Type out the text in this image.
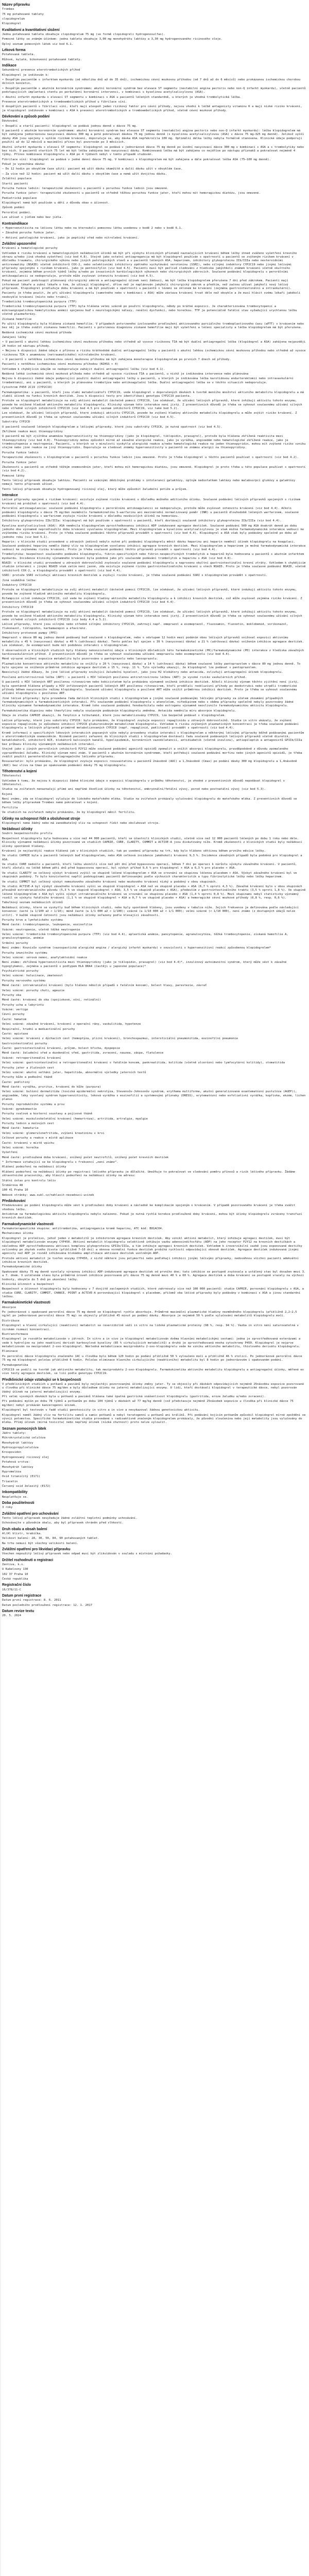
Název přípravku
Trombex
75 mg potahované tablety
clopidogrelum
Klopidogrel
Kvalitativní a kvantitativní složení
Jedna potahovaná tableta obsahuje clopidogrelum 75 mg (ve formě clopidogreli hydrogenosulfas).
Pomocné látky se známým účinkem: jedna tableta obsahuje 3,00 mg monohydrátu laktózy a 3,30 mg hydrogenovaného ricinového oleje.
Úplný seznam pomocných látek viz bod 6.1.
Léková forma
Potahovaná tableta.
Růžové, kulaté, bikonvexní potahované tablety.
Indikace
Sekundární prevence aterotrombotických příhod
Klopidogrel je indikován k:
• Dospělým pacientům s infarktem myokardu (od několika dnů až do 35 dnů), ischemickou cévní mozkovou příhodou (od 7 dnů až do 6 měsíců) nebo prokázanou ischemickou chorobou dolních končetin.
• Dospělým pacientům s akutním koronárním syndromem: akutní koronární syndrom bez elevace ST segmentu (nestabilní angina pectoris nebo non-Q infarkt myokardu), včetně pacientů podstupujících implantaci stentu po perkutánní koronární intervenci, v kombinaci s kyselinou acetylsalicylovou (ASA).
• Akutní infarkt myokardu s elevací ST segmentu v kombinaci s ASA u pacientů léčených standardně, u kterých je vhodná trombolytická léčba.
Prevence aterotrombotických a tromboembolických příhod u fibrilace síní.
U dospělých pacientů s fibrilací síní, kteří mají alespoň jeden rizikový faktor pro cévní příhody, nejsou vhodní k léčbě antagonisty vitaminu K a mají nízké riziko krvácení, je klopidogrel indikován v kombinaci s ASA k prevenci aterotrombotických a tromboembolických příhod, včetně cévní mozkové příhody.
Dávkování a způsob podání
Dávkování
• Dospělí a starší pacienti: klopidogrel se podává jednou denně v dávce 75 mg.
U pacientů s akutním koronárním syndromem: akutní koronární syndrom bez elevace ST segmentu (nestabilní angina pectoris nebo non-Q infarkt myokardu): léčba klopidogrelem má být zahájena jednorázovou nasycovací dávkou 300 mg a poté pokračovat dávkou 75 mg jednou denně (s kyselinou acetylsalicylovou (ASA) v dávce 75 mg–325 mg denně). Jelikož vyšší dávky ASA jsou spojeny s vyšším rizikem krvácení, doporučuje se, aby dávka ASA nepřekročila 100 mg. Optimální délka léčby nebyla formálně stanovena. Klinické údaje podporují použití až do 12 měsíců a maximální přínos byl pozorován po 3 měsících.
Akutní infarkt myokardu s elevací ST segmentu: klopidogrel se podává v jednorázové dávce 75 mg denně po úvodní nasycovací dávce 300 mg v kombinaci s ASA a s trombolytiky nebo bez nich. U pacientů starších 75 let má být léčba zahájena bez nasycovací dávky. Kombinovaná léčba má být zahájena co nejdříve po nástupu příznaků a pokračovat nejméně 4 týdny. Přínos kombinace klopidogrelu s ASA po 4 týdnech nebyl v tomto případě studován.
Fibrilace síní: klopidogrel se podává v jedné denní dávce 75 mg. V kombinaci s klopidogrelem má být zahájena a dále pokračovat léčba ASA (75–100 mg denně).
Pokud je vynechána dávka:
– Do 12 hodin po obvyklém čase užití: pacient má užít dávku okamžitě a další dávku užít v obvyklém čase.
– Za více než 12 hodin: pacient má užít další dávku v obvyklém čase a nemá užít dvojitou dávku.
Zvláštní populace
Starší pacienti
Porucha funkce ledvin: terapeutické zkušenosti u pacientů s poruchou funkce ledvin jsou omezené.
Porucha funkce jater: terapeutické zkušenosti u pacientů se středně těžkou poruchou funkce jater, kteří mohou mít hemoragickou diatézu, jsou omezené.
Pediatrická populace
Klopidogrel nemá být používán u dětí z důvodu obav o účinnost.
Způsob podání
Perorální podání.
Lze užívat s jídlem nebo bez jídla.
Kontraindikace
• Hypersenzitivita na léčivou látku nebo na kteroukoli pomocnou látku uvedenou v bodě 2 nebo v bodě 6.1.
• Závažná porucha funkce jater.
• Aktivní patologické krvácení, jako je peptický vřed nebo nitrolební krvácení.
Zvláštní upozornění
Krvácení a hematologické poruchy
Vzhledem k riziku krvácení a hematologických nežádoucích účinků má být při výskytu klinických příznaků naznačujících krvácení během léčby ihned zváženo vyšetření krevního obrazu a/nebo jiná vhodná vyšetření (viz bod 4.8). Stejně jako ostatní antiagregancia má být klopidogrel používán s opatrností u pacientů se zvýšeným rizikem krvácení v důsledku traumatu, chirurgického výkonu nebo jiných patologických stavů a u pacientů léčených ASA, heparinem, inhibitory glykoproteinu IIb/IIIa nebo nesteroidními antirevmatiky (NSAID) včetně inhibitorů COX-2, nebo selektivními inhibitory zpětného vychytávání serotoninu (SSRI), nebo silnými induktory CYP2C19 nebo jinými léčivými přípravky spojenými s rizikem krvácení, jako je pentoxifylin (viz bod 4.5). Pacienti musí být pečlivě sledováni z hlediska jakýchkoli známek krvácení včetně okultního krvácení, zejména během prvních týdnů léčby a/nebo po invazivních kardiologických výkonech nebo chirurgických zákrocích. Současné podávání klopidogrelu s perorálními antikoagulancii se nedoporučuje, protože může zvyšovat intenzitu krvácení (viz bod 4.5).
Pokud má pacient podstoupit plánovaný chirurgický zákrok a antiagregační účinek není žádoucí, má být léčba klopidogrelem přerušena 7 dní před zákrokem. Pacienti mají informovat lékaře a zubní lékaře o tom, že užívají klopidogrel, dříve než je naplánován jakýkoli chirurgický zákrok a předtím, než začnou užívat jakýkoli nový léčivý přípravek. Klopidogrel prodlužuje dobu krvácení a má být používán s opatrností u pacientů s lézemi se sklonem ke krvácení (zejména gastrointestinální a intraokulární).
Pacienty je třeba poučit, že při užívání klopidogrelu (samotného nebo v kombinaci s ASA) může zástava krvácení trvat déle než obvykle a že musí hlásit svému lékaři jakékoli neobvyklé krvácení (místo nebo trvání).
Trombotická trombocytopenická purpura (TTP)
Trombotická trombocytopenická purpura (TTP) byla hlášena velmi vzácně po použití klopidogrelu, někdy po krátké expozici. Je charakterizována trombocytopenií a mikroangiopatickou hemolytickou anémií spojenou buď s neurologickými nálezy, renální dysfunkcí, nebo horečkou. TTP je potenciálně fatální stav vyžadující urychlenou léčbu včetně plazmaferézy.
Získaná hemofilie
Po užití klopidogrelu byla hlášena získaná hemofilie. V případech potvrzeného izolovaného prodloužení aktivovaného parciálního tromboplastinového času (aPTT) s krvácením nebo bez něj je třeba zvážit získanou hemofilii. Pacienti s potvrzenou diagnózou získané hemofilie mají být vyšetřeni a léčeni specialisty a léčba klopidogrelem má být přerušena.
Nedávná ischemická cévní mozková příhoda
Zahájení léčby
• U pacientů s akutní lehkou ischemickou cévní mozkovou příhodou nebo středně až vysoce rizikovou TIA má být duální antiagregační léčba (klopidogrel a ASA) zahájena nejpozději 24 hodin od nástupu příhody.
• Nejsou k dispozici žádné údaje o přínosu a riziku krátkodobé duální antiagregační léčby u pacientů s akutní lehkou ischemickou cévní mozkovou příhodou nebo středně až vysoce rizikovou TIA s anamnézou (netraumatického) nitrolebního krvácení.
• U pacientů s netěžkou ischemickou cévní mozkovou příhodou má být zahájena monoterapie klopidogrelem po prvních 7 dnech od příhody.
Pacienti s netěžkou ischemickou cévní mozkovou příhodou (NIHSS > 4)
Vzhledem k chybějícím údajům se nedoporučuje zahájit duální antiagregační léčbu (viz bod 4.1).
Nedávná lehká ischemická cévní mozková příhoda nebo středně až vysoce riziková TIA u pacientů, u nichž je indikována intervence nebo plánována
Nejsou k dispozici žádné údaje podporující použití duální antiagregační léčby u pacientů, u kterých je indikována léčba karotidovou endarterektomií nebo intravaskulární trombektomií, ani u pacientů, u kterých je plánována trombolýza nebo antikoagulační léčba. Duální antiagregační léčba se v těchto situacích nedoporučuje.
Cytochrom P450 2C19 (CYP2C19)
Farmakogenetika: u pacientů, kteří jsou slabí metabolizátoři CYP2C19, vede klopidogrel v doporučených dávkách k tvorbě menšího množství aktivního metabolitu klopidogrelu a má slabší účinek na funkci krevních destiček. Jsou k dispozici testy pro identifikaci genotypu CYP2C19 pacienta.
Protože se klopidogrel metabolizuje na svůj aktivní metabolit částečně pomocí CYP2C19, lze očekávat, že užívání léčivých přípravků, které inhibují aktivitu tohoto enzymu, povede ke snížené hladině aktivního metabolitu klopidogrelu. Klinický význam této interakce není jistý. Z preventivních důvodů je třeba se vyhnout současnému užívání silných nebo středně silných inhibitorů CYP2C19 (viz bod 4.5 pro seznam inhibitorů CYP2C19, viz také bod 5.2).
Lze očekávat, že užívání léčivých přípravků, které indukují aktivitu CYP2C19, povede ke zvýšení hladiny aktivního metabolitu klopidogrelu a může zvýšit riziko krvácení. Z preventivních důvodů je třeba se vyhnout současnému užívání silných induktorů CYP2C19 (viz bod 4.5).
Substráty CYP2C8
U pacientů současně léčených klopidogrelem a léčivými přípravky, které jsou substráty CYP2C8, je nutná opatrnost (viz bod 4.5).
Zkřížené reakce mezi thienopyridiny
U pacientů má být zjištěna anamnéza hypersenzitivity na thienopyridiny (jako je klopidogrel, tiklopidin, prasugrel), protože byla hlášena zkřížená reaktivita mezi thienopyridiny (viz bod 4.8). Thienopyridiny mohou způsobit mírné až závažné alergické reakce, jako je vyrážka, angioedém nebo hematologické zkřížené reakce, jako je trombocytopenie a neutropenie. Pacienti, u kterých se v minulosti vyskytla alergická reakce a/nebo hematologická reakce na jeden thienopyridin, mohou mít zvýšené riziko vzniku stejné nebo jiné reakce na jiný thienopyridin. Doporučuje se sledovat známky hypersenzitivity u pacientů se známou alergií na thienopyridiny.
Porucha funkce ledvin
Terapeutické zkušenosti s klopidogrelem u pacientů s poruchou funkce ledvin jsou omezené. Proto je třeba klopidogrel u těchto pacientů používat s opatrností (viz bod 4.2).
Porucha funkce jater
Zkušenosti u pacientů se středně těžkým onemocněním jater, kteří mohou mít hemoragickou diatézu, jsou omezené. Klopidogrel je proto třeba u této populace používat s opatrností (viz bod 4.2).
Pomocné látky
Tento léčivý přípravek obsahuje laktózu. Pacienti se vzácnými dědičnými problémy s intolerancí galaktózy, úplným nedostatkem laktázy nebo malabsorpcí glukózy a galaktózy nemají tento přípravek užívat.
Tento léčivý přípravek obsahuje hydrogenovaný ricinový olej, který může způsobit žaludeční potíže a průjem.
Interakce
Léčivé přípravky spojené s rizikem krvácení: existuje zvýšené riziko krvácení v důsledku možného aditivního účinku. Současné podávání léčivých přípravků spojených s rizikem krvácení má probíhat s opatrností (viz bod 4.4).
Perorální antikoagulancia: současné podávání klopidogrelu s perorálními antikoagulancii se nedoporučuje, protože může zvyšovat intenzitu krvácení (viz bod 4.4). Ačkoli podávání klopidogrelu v dávce 75 mg/den nezměnilo farmakokinetiku S-warfarinu ani mezinárodní normalizovaný poměr (INR) u pacientů dlouhodobě léčených warfarinem, současné podávání klopidogrelu s warfarinem zvyšuje riziko krvácení v důsledku nezávislých účinků na hemostázu.
Inhibitory glykoproteinu IIb/IIIa: klopidogrel má být používán s opatrností u pacientů, kteří dostávají současně inhibitory glykoproteinu IIb/IIIa (viz bod 4.4).
Kyselina acetylsalicylová (ASA): ASA neměnila klopidogrelem zprostředkovanou inhibici ADP indukované agregace destiček. Současné podávání 500 mg ASA dvakrát denně po dobu jednoho dne významně neprodloužilo dobu krvácení vyvolanou klopidogrelem. Mezi klopidogrelem a kyselinou acetylsalicylovou je však možná farmakodynamická interakce vedoucí ke zvýšenému riziku krvácení. Proto je třeba současné podávání těchto přípravků provádět s opatrností (viz bod 4.4). Klopidogrel a ASA však byly podávány společně po dobu až jednoho roku (viz bod 5.1).
Heparin: v klinické studii provedené u zdravých jedinců nebylo nutné při podávání klopidogrelu měnit dávku heparinu ani heparin neměnil účinek klopidogrelu na koagulaci. Současné podávání heparinu nemělo žádný vliv na klopidogrelem vyvolanou inhibici agregace krevních destiček. Mezi klopidogrelem a heparinem je možná farmakodynamická interakce vedoucí ke zvýšenému riziku krvácení. Proto je třeba současné podávání těchto přípravků provádět s opatrností (viz bod 4.4).
Trombolytika: bezpečnost současného podávání klopidogrelu, fibrin-specifických nebo fibrin-nespecifických trombolytik a heparinů byla hodnocena u pacientů s akutním infarktem myokardu. Incidence klinicky významného krvácení byla podobná jako při současném podávání trombolytik a heparinu s ASA (viz bod 4.8).
NSAID: v klinické studii provedené u zdravých dobrovolníků zvyšovalo současné podávání klopidogrelu a naproxenu okultní gastrointestinální krevní ztráty. Vzhledem k chybějícím studiím interakcí s jinými NSAID však zatím není jasné, zda existuje zvýšené riziko gastrointestinálního krvácení u všech NSAID. Proto je třeba současné podávání NSAID, včetně inhibitorů COX-2, a klopidogrelu provádět s opatrností (viz bod 4.4).
SSRI: protože SSRI ovlivňují aktivaci krevních destiček a zvyšují riziko krvácení, je třeba současné podávání SSRI s klopidogrelem provádět s opatrností.
Jiná souběžná léčba:
Induktory CYP2C19
Protože se klopidogrel metabolizuje na svůj aktivní metabolit částečně pomocí CYP2C19, lze očekávat, že užívání léčivých přípravků, které indukují aktivitu tohoto enzymu, povede ke zvýšené hladině aktivního metabolitu klopidogrelu.
Rifampicin silně indukuje CYP2C19, což vede ke zvýšení hladiny aktivního metabolitu klopidogrelu a k inhibici krevních destiček, což může zvyšovat zejména riziko krvácení. Z preventivních důvodů je třeba se vyhnout současnému užívání silných induktorů CYP2C19 (viz bod 4.4).
Inhibitory CYP2C19
Protože se klopidogrel metabolizuje na svůj aktivní metabolit částečně pomocí CYP2C19, lze očekávat, že užívání léčivých přípravků, které inhibují aktivitu tohoto enzymu, povede ke snížené hladině aktivního metabolitu klopidogrelu. Klinický význam této interakce není jistý. Z preventivních důvodů je třeba se vyhnout současnému užívání silných nebo středně silných inhibitorů CYP2C19 (viz body 4.4 a 5.2).
Léčivé přípravky, které jsou silnými nebo středně silnými inhibitory CYP2C19, zahrnují např. omeprazol a esomeprazol, fluvoxamin, fluoxetin, moklobemid, vorikonazol, flukonazol, tiklopidin, karbamazepin a efavirenz.
Inhibitory protonové pumpy (PPI)
Omeprazol v dávce 80 mg jednou denně podávaný buď současně s klopidogrelem, nebo s odstupem 12 hodin mezi podáním obou léčivých přípravků snižoval expozici aktivnímu metabolitu o 45 % (nasycovací dávka) a 40 % (udržovací dávka). Tento pokles byl spojen s 39 % (nasycovací dávka) a 21 % (udržovací dávka) snížením inhibice agregace destiček. Lze očekávat, že esomeprazol bude mít podobnou interakci s klopidogrelem.
V observačních a klinických studiích byly hlášeny nekonzistentní údaje o klinických důsledcích této farmakokinetické (PK)/farmakodynamické (PD) interakce z hlediska závažných kardiovaskulárních příhod. Z preventivních důvodů je třeba se vyhnout současnému užívání omeprazolu nebo esomeprazolu (viz bod 4.4).
Méně výrazné snížení expozice metabolitu bylo pozorováno u pantoprazolu nebo lansoprazolu.
Plazmatické koncentrace aktivního metabolitu se snížily o 20 % (nasycovací dávka) a 14 % (udržovací dávka) během současné léčby pantoprazolem v dávce 80 mg jednou denně. To bylo spojeno se snížením průměrné inhibice agregace destiček o 15 %, resp. 11 %. Tyto výsledky ukazují, že klopidogrel lze podávat s pantoprazolem.
Neexistují žádné důkazy, že jiné léčivé přípravky snižující žaludeční kyselost, jako jsou H2 blokátory nebo antacida, ovlivňují antiagregační účinek klopidogrelu.
Posílená antiretrovirová léčba (ART): u pacientů s HIV léčených posílenou antiretrovirovou léčbou (ART) je vysoké riziko vaskulárních příhod.
U pacientů s HIV léčených ART posílenou ritonavirem nebo kobicistatem byla prokázána významně snížená inhibice destiček. Ačkoli klinický význam těchto zjištění není jistý, byla spontánně hlášena případy u HIV infikovaných pacientů léčených ART posílenou ritonavirem, kteří prodělali reokluzivní příhody po deobstrukci nebo utrpěli trombotické příhody během nasycovacího režimu klopidogrelu. Současné užívání klopidogrelu a posílené ART může snížit průměrnou inhibici destiček. Proto je třeba se vyhnout současnému užívání klopidogrelu s posílenou ART.
Jiné léčivé přípravky: byla provedena řada dalších klinických studií s klopidogrelem a jinými současně podávanými léčivými přípravky za účelem zkoumání případných farmakodynamických a farmakokinetických interakcí. Při současném podávání klopidogrelu s atenololem, nifedipinem nebo s oběma přípravky společně nebyly pozorovány žádné klinicky významné farmakodynamické interakce. Kromě toho současné podávání fenobarbitalu nebo estrogenu významně neovlivnilo farmakodynamickou aktivitu klopidogrelu.
Farmakokinetika digoxinu nebo theofylinu nebyla současným podáváním klopidogrelu změněna. Antacida neměnila míru absorpce klopidogrelu.
Údaje ze studie CAPRIE ukazují, že fenytoin a tolbutamid, které jsou metabolizovány CYP2C9, lze bezpečně podávat s klopidogrelem.
Léčivé přípravky, které jsou substráty CYP2C8: bylo prokázáno, že klopidogrel zvyšuje expozici repaglinidu u zdravých dobrovolníků. Studie in vitro ukázaly, že zvýšení expozice repaglinidu je způsobeno inhibicí CYP2C8 glukuronidovým metabolitem klopidogrelu. Vzhledem k riziku zvýšených plazmatických koncentrací je třeba současné podávání klopidogrelu a léčivých přípravků primárně metabolizovaných CYP2C8 (např. repaglinid, paklitaxel) provádět s opatrností (viz bod 4.4).
Kromě informací o specifických lékových interakcích popsaných výše nebyly provedeny studie interakcí s klopidogrelem a některými léčivými přípravky běžně podávanými pacientům s aterotrombotickým onemocněním. Nicméně pacienti zařazení do klinických studií s klopidogrelem dostávali řadu současně podávaných léčivých přípravků včetně diuretik, betablokátorů, inhibitorů ACE, blokátorů kalciových kanálů, hypolipidemik, koronárních vazodilatancií, antidiabetik (včetně inzulinu), antiepileptik a antagonistů GPIIb/IIIa bez průkazu klinicky významných nežádoucích interakcí.
Stejně jako u jiných perorálních inhibitorů P2Y12 může současné podávání agonistů opioidů zpomalit a snížit absorpci klopidogrelu, pravděpodobně z důvodu zpomaleného vyprazdňování žaludku. Klinický význam není znám. U pacientů s akutním koronárním syndromem, kteří potřebují současné podávání morfinu nebo jiných agonistů opioidů, je třeba zvážit použití parenterálního antiagregačního léčivého přípravku.
Rosuvastatin: bylo prokázáno, že klopidogrel zvyšuje expozici rosuvastatinu u pacientů 2násobně (AUC) a 1,3násobně (Cmax) po podání dávky 300 mg klopidogrelu a 1,4násobně (AUC) bez vlivu na Cmax po opakovaném podávání dávky 75 mg klopidogrelu.
Těhotenství a kojení
Těhotenství
Vzhledem k tomu, že nejsou k dispozici žádné klinické údaje o expozici klopidogrelu v průběhu těhotenství, je vhodné z preventivních důvodů nepodávat klopidogrel v těhotenství.
Studie na zvířatech nenaznačují přímé ani nepřímé škodlivé účinky na těhotenství, embryonální/fetální vývoj, porod nebo postnatální vývoj (viz bod 5.3).
Kojení
Není známo, zda se klopidogrel vylučuje do lidského mateřského mléka. Studie na zvířatech prokázaly vylučování klopidogrelu do mateřského mléka. Z preventivních důvodů se během léčby přípravkem Trombex nemá pokračovat v kojení.
Fertilita
Ve studiích na zvířatech nebylo prokázáno, že by klopidogrel měnil fertilitu.
Účinky na schopnost řídit a obsluhovat stroje
Klopidogrel nemá žádný nebo má zanedbatelný vliv na schopnost řídit nebo obsluhovat stroje.
Nežádoucí účinky
Souhrn bezpečnostního profilu
Bezpečnost klopidogrelu byla hodnocena u více než 44 000 pacientů, kteří se účastnili klinických studií, včetně více než 12 000 pacientů léčených po dobu 1 roku nebo déle. Klinicky významné nežádoucí účinky pozorované ve studiích CAPRIE, CURE, CLARITY, COMMIT a ACTIVE-A jsou diskutovány níže. Kromě zkušeností z klinických studií byly nežádoucí účinky spontánně hlášeny.
Krvácení je nejčastější reakce hlášená jak v klinických studiích, tak po uvedení přípravku na trh, kdy bylo hlášeno většinou během prvního měsíce léčby.
Ve studii CAPRIE byla u pacientů léčených buď klopidogrelem, nebo ASA celková incidence jakéhokoli krvácení 9,3 %. Incidence závažných případů byla podobná pro klopidogrel a ASA.
Ve studii CURE nedošlo u pacientů, kteří léčbu ukončili více než pět dní před bypassovou operací, během 7 dní po operaci k nárůstu výskytu závažného krvácení. U pacientů, kteří zůstali na léčbě během pěti dnů před bypassovou operací, byl výskyt příhod 9,6 % pro klopidogrel + ASA a 6,3 % pro placebo + ASA.
Ve studii CLARITY se celkový výskyt krvácení zvýšil ve skupině léčené klopidogrelem + ASA ve srovnání se skupinou léčenou placebem + ASA. Výskyt závažného krvácení byl ve skupinách podobný. To bylo konzistentní napříč podskupinami pacientů definovanými podle výchozích charakteristik a typu fibrinolytické léčby nebo léčby heparinem.
Ve studii COMMIT byl celkový výskyt nemozkového závažného krvácení nebo mozkového krvácení nízký a podobný v obou skupinách.
Ve studii ACTIVE-A byl výskyt závažného krvácení vyšší ve skupině klopidogrel + ASA než ve skupině placebo + ASA (6,7 % oproti 4,3 %). Závažné krvácení bylo v obou skupinách převážně extrakraniálního původu (5,3 % ve skupině klopidogrel + ASA; 3,5 % ve skupině placebo + ASA), především z gastrointestinálního traktu (3,5 % oproti 1,8 %). Ve skupině léčené klopidogrelem + ASA byl vyšší výskyt intrakraniálního krvácení ve srovnání se skupinou placebo + ASA (1,4 % oproti 0,8 %). Mezi skupinami nebyl statisticky významný rozdíl ve výskytu fatálního krvácení (1,1 % ve skupině klopidogrel + ASA a 0,7 % ve skupině placebo + ASA) a hemoragické cévní mozkové příhody (0,8 %, resp. 0,6 %).
Tabulkový seznam nežádoucích účinků
Nežádoucí účinky, které se vyskytly buď během klinických studií, nebo byly spontánně hlášeny, jsou uvedeny v tabulce níže. Jejich frekvence je definována podle následující konvence: časté (≥ 1/100 až < 1/10); méně časté (≥ 1/1 000 až < 1/100); vzácné (≥ 1/10 000 až < 1/1 000); velmi vzácné (< 1/10 000), není známo (z dostupných údajů nelze určit). V každé skupině četností jsou nežádoucí účinky seřazeny podle klesající závažnosti.
Poruchy krve a lymfatického systému
Méně časté: trombocytopenie, leukopenie, eozinofilie
Vzácné: neutropenie, včetně těžké neutropenie
Velmi vzácné: trombotická trombocytopenická purpura (TTP) (viz bod 4.4), aplastická anémie, pancytopenie, agranulocytóza, těžká trombocytopenie, získaná hemofilie A, granulocytopenie, anémie
Srdeční poruchy
Není známo: Kounisův syndrom (vazospastická alergická angina / alergický infarkt myokardu) v souvislosti s hypersenzitivní reakcí způsobenou klopidogrelem*
Poruchy imunitního systému
Velmi vzácné: sérová nemoc, anafylaktoidní reakce
Není známo: zkřížená hypersenzitivita mezi thienopyridiny (jako je tiklopidin, prasugrel) (viz bod 4.4)*, inzulinový autoimunitní syndrom, který může vést k závažné hypoglykemii, zejména u pacientů s podtypem HLA DRA4 (častěji u japonské populace)*
Psychiatrické poruchy
Velmi vzácné: halucinace, zmatenost
Poruchy nervového systému
Méně časté: intrakraniální krvácení (bylo hlášeno několik případů s fatálním koncem), bolest hlavy, parestezie, závrať
Velmi vzácné: poruchy chuti, ageuzie
Poruchy oka
Méně časté: krvácení do oka (spojivkové, oční, retinální)
Poruchy ucha a labyrintu
Vzácné: vertigo
Cévní poruchy
Časté: hematom
Velmi vzácné: závažné krvácení, krvácení z operační rány, vaskulitida, hypotenze
Respirační, hrudní a mediastinální poruchy
Časté: epistaxe
Velmi vzácné: krvácení z dýchacích cest (hemoptýza, plicní krvácení), bronchospazmus, intersticiální pneumonitida, eozinofilní pneumonie
Gastrointestinální poruchy
Časté: gastrointestinální krvácení, průjem, bolest břicha, dyspepsie
Méně časté: žaludeční vřed a duodenální vřed, gastritida, zvracení, nauzea, zácpa, flatulence
Vzácné: retroperitoneální krvácení
Velmi vzácné: gastrointestinální a retroperitoneální krvácení s fatálním koncem, pankreatitida, kolitida (včetně ulcerózní nebo lymfocytární kolitidy), stomatitida
Poruchy jater a žlučových cest
Velmi vzácné: akutní selhání jater, hepatitida, abnormální výsledky jaterních testů
Poruchy kůže a podkožní tkáně
Časté: podlitiny
Méně časté: vyrážka, pruritus, krvácení do kůže (purpura)
Velmi vzácné: bulózní dermatitida (toxická epidermální nekrolýza, Stevensův-Johnsonův syndrom, erythema multiforme, akutní generalizovaná exantematózní pustulóza (AGEP)), angioedém, léky vyvolaný syndrom hypersenzitivity, léková vyrážka s eozinofilií a systémovými příznaky (DRESS), erytematózní nebo exfoliativní vyrážka, kopřivka, ekzém, lichen planus
Poruchy reprodukčního systému a prsu
Vzácné: gynekomastie
Poruchy svalové a kosterní soustavy a pojivové tkáně
Velmi vzácné: muskuloskeletální krvácení (hemartróza), artritida, artralgie, myalgie
Poruchy ledvin a močových cest
Méně časté: hematurie
Velmi vzácné: glomerulonefritida, zvýšení kreatininu v krvi
Celkové poruchy a reakce v místě aplikace
Časté: krvácení v místě vpichu
Velmi vzácné: horečka
Vyšetření
Méně časté: prodloužená doba krvácení, snížený počet neutrofilů, snížený počet krevních destiček
* Informace vztahující se ke klopidogrelu s frekvencí „není známo“.
Hlášení podezření na nežádoucí účinky
Hlášení podezření na nežádoucí účinky po registraci léčivého přípravku je důležité. Umožňuje to pokračovat ve sledování poměru přínosů a rizik léčivého přípravku. Žádáme zdravotnické pracovníky, aby hlásili podezření na nežádoucí účinky na adresu:
Státní ústav pro kontrolu léčiv
Šrobárova 48
100 41 Praha 10
Webové stránky: www.sukl.cz/nahlasit-nezadouci-ucinek
Předávkování
Předávkování po podání klopidogrelu může vést k prodloužení doby krvácení a následně ke komplikacím spojeným s krvácením. V případě pozorovaného krvácení je třeba zvážit vhodnou léčbu.
Antidotum na farmakologickou aktivitu klopidogrelu nebylo nalezeno. Pokud je nutná rychlá korekce prodloužené doby krvácení, mohou být účinky klopidogrelu zvráceny transfuzí krevních destiček.
Farmakodynamické vlastnosti
Farmakoterapeutická skupina: antitrombotika, antiagregancia kromě heparinu, ATC kód: B01AC04.
Mechanismus účinku
Klopidogrel je proléčivo, jehož jeden z metabolitů je inhibitorem agregace krevních destiček. Aby vznikl aktivní metabolit, který inhibuje agregaci destiček, musí být klopidogrel metabolizován enzymy CYP450. Aktivní metabolit klopidogrelu selektivně inhibuje vazbu adenosindifosfátu (ADP) na jeho receptor P2Y12 na krevních destičkách a následnou ADP zprostředkovanou aktivaci komplexu glykoproteinu GPIIb/IIIa, a tím inhibuje agregaci krevních destiček. Vzhledem k ireverzibilní vazbě jsou exponované destičky ovlivněny po zbytek svého života (přibližně 7–10 dní) a obnova normální funkce destiček probíhá rychlostí odpovídající obnově destiček. Agregace destiček indukovaná jinými agonisty než ADP je rovněž inhibována blokádou amplifikace aktivace destiček uvolněným ADP.
Protože aktivní metabolit je tvořen enzymy CYP450, z nichž některé jsou polymorfní nebo podléhají inhibici jinými léčivými přípravky, nedosáhnou všichni pacienti adekvátní inhibice krevních destiček.
Farmakodynamické účinky
Opakované dávky 75 mg denně vyvolaly výraznou inhibici ADP-indukované agregace destiček od prvního dne; tato inhibice se postupně zvyšovala a ustálený stav byl dosažen mezi 3. a 7. dnem. V ustáleném stavu byla průměrná úroveň inhibice pozorovaná při dávce 75 mg denně mezi 40 % a 60 %. Agregace destiček a doba krvácení se postupně vracely na výchozí hodnoty, obvykle do 5 dnů po ukončení léčby.
Klinická účinnost a bezpečnost
Bezpečnost a účinnost klopidogrelu byly hodnoceny v 7 dvojitě zaslepených studiích, které zahrnovaly více než 100 000 pacientů: studie CAPRIE, porovnání klopidogrelu s ASA, a studie CURE, CLARITY, COMMIT, CHANCE, POINT a ACTIVE-A porovnávající klopidogrel s placebem, přičemž oba léčivé přípravky byly podávány v kombinaci s ASA a jinou standardní léčbou.
Farmakokinetické vlastnosti
Absorpce
Po jednorázové i opakované perorální dávce 75 mg denně se klopidogrel rychle absorbuje. Průměrné maximální plazmatické hladiny nezměněného klopidogrelu (přibližně 2,2–2,5 ng/ml po jednorázové perorální dávce 75 mg) se objevily přibližně 45 minut po podání dávky. Absorpce je nejméně 50 % podle vylučování metabolitů klopidogrelu močí.
Distribuce
Klopidogrel a hlavní cirkulující (neaktivní) metabolit se reverzibilně váží in vitro na lidské plazmatické proteiny (98 %, resp. 94 %). Vazba in vitro není saturovatelná v širokém rozmezí koncentrací.
Biotransformace
Klopidogrel je rozsáhle metabolizován v játrech. In vitro a in vivo je klopidogrel metabolizován dvěma hlavními metabolickými cestami: jedna je zprostředkovaná esterázami a vede k hydrolýze na jeho neaktivní derivát karboxylové kyseliny (85 % cirkulujících metabolitů) a druhá je zprostředkovaná mnoha cytochromy P450. Klopidogrel je nejprve metabolizován na meziprodukt 2-oxo-klopidogrel. Následná metabolizace meziproduktu 2-oxo-klopidogrelu vede ke vzniku aktivního metabolitu, thiolového derivátu klopidogrelu.
Eliminace
Po perorální dávce klopidogrelu značeného 14C u člověka bylo během 120 hodin po podání přibližně 50 % vyloučeno močí a přibližně 46 % stolicí. Po jednorázové perorální dávce 75 mg má klopidogrel poločas přibližně 6 hodin. Poločas eliminace hlavního cirkulujícího (neaktivního) metabolitu byl 8 hodin po jednorázovém i opakovaném podání.
Farmakogenetika
CYP2C19 se podílí na tvorbě jak aktivního metabolitu, tak meziproduktu 2-oxo-klopidogrelu. Farmakokinetika aktivního metabolitu klopidogrelu a antiagregační účinky, měřené ex vivo testy agregace destiček, se liší podle genotypu CYP2C19.
Předklinické údaje vztahující se k bezpečnosti
V předklinických studiích u potkanů a paviánů byly nejčastěji pozorovanými účinky změny jater. Ty se objevily při dávkách odpovídajících nejméně 25násobku expozice pozorované u člověka při klinické dávce 75 mg/den a byly důsledkem účinku na jaterní metabolizující enzymy. U lidí, kteří dostávali klopidogrel v terapeutické dávce, nebyl pozorován žádný účinek na jaterní metabolizující enzymy.
Při velmi vysokých dávkách byla u potkanů a paviánů hlášena také špatná gastrická snášenlivost klopidogrelu (gastritida, eroze žaludku a/nebo zvracení).
Při podávání myším po dobu 78 týdnů a potkanům po dobu 104 týdnů v dávkách až 77 mg/kg denně (což představuje nejméně 25násobek expozice u člověka při klinické dávce 75 mg/den) nebyl prokázán kancerogenní účinek.
Klopidogrel byl testován v řadě studií genotoxicity in vitro a in vivo a nevykazoval žádnou genotoxickou aktivitu.
Klopidogrel neměl žádný vliv na fertilitu samců a samic potkanů a nebyl teratogenní u potkanů ani králíků. Při podávání kojícím potkanům způsobil klopidogrel mírné zpoždění ve vývoji potomstva. Specifické farmakokinetické studie provedené s radioaktivně značeným klopidogrelem prokázaly, že původní sloučenina nebo její metabolity jsou vylučovány do mléka. Přímý účinek (mírná toxicita) nebo nepřímý účinek (nízká chutnost) proto nelze vyloučit.
Seznam pomocných látek
Jádro tablety:
Mikrokrystalická celulóza
Monohydrát laktózy
Hydroxypropylcelulóza
Krospovidon
Hydrogenovaný ricinový olej
Potahová vrstva:
Monohydrát laktózy
Hypromelóza
Oxid titaničitý (E171)
Triacetin
Červený oxid železitý (E172)
Inkompatibility
Neuplatňuje se.
Doba použitelnosti
3 roky
Zvláštní opatření pro uchovávání
Tento léčivý přípravek nevyžaduje žádné zvláštní teplotní podmínky uchovávání.
Uchovávejte v původním obalu, aby byl přípravek chráněn před vlhkostí.
Druh obalu a obsah balení
Al/Al blistr, krabička.
Velikost balení: 28, 30, 50, 84, 90 potahovaných tablet.
Na trhu nemusí být všechny velikosti balení.
Zvláštní opatření pro likvidaci přípravku
Všechen nepoužitý léčivý přípravek nebo odpad musí být zlikvidován v souladu s místními požadavky.
Držitel rozhodnutí o registraci
Zentiva, k.s.
U Kabelovny 130
102 37 Praha 10
Česká republika
Registrační číslo
16/378/11-C
Datum první registrace
Datum první registrace: 8. 6. 2011
Datum posledního prodloužení registrace: 12. 1. 2017
Datum revize textu
20. 5. 2024
